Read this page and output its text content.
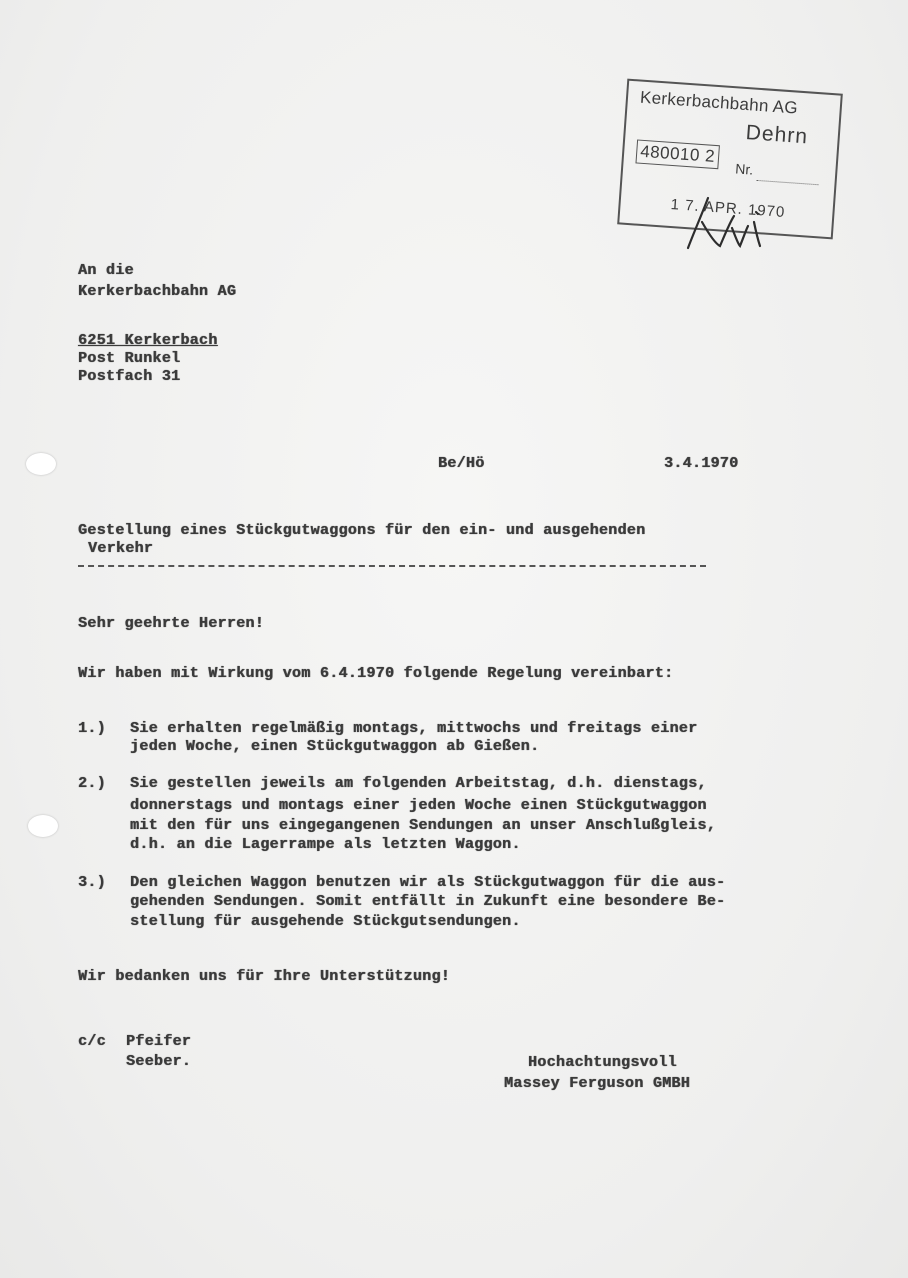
Kerkerbachbahn AG
Dehrn
480010 2
Nr.
1 7. APR. 1970
An die
Kerkerbachbahn AG
6251 Kerkerbach
Post Runkel
Postfach 31
Be/Hö	3.4.1970
Gestellung eines Stückgutwaggons für den ein- und ausgehenden
Verkehr
Sehr geehrte Herren!
Wir haben mit Wirkung vom 6.4.1970 folgende Regelung vereinbart:
1.) Sie erhalten regelmäßig montags, mittwochs und freitags einer
jeden Woche, einen Stückgutwaggon ab Gießen.
2.) Sie gestellen jeweils am folgenden Arbeitstag, d.h. dienstags,
donnerstags und montags einer jeden Woche einen Stückgutwaggon
mit den für uns eingegangenen Sendungen an unser Anschlußgleis,
d.h. an die Lagerrampe als letzten Waggon.
3.) Den gleichen Waggon benutzen wir als Stückgutwaggon für die aus-
gehenden Sendungen. Somit entfällt in Zukunft eine besondere Be-
stellung für ausgehende Stückgutsendungen.
Wir bedanken uns für Ihre Unterstützung!
c/c Pfeifer
Seeber.	Hochachtungsvoll
Massey Ferguson GMBH
